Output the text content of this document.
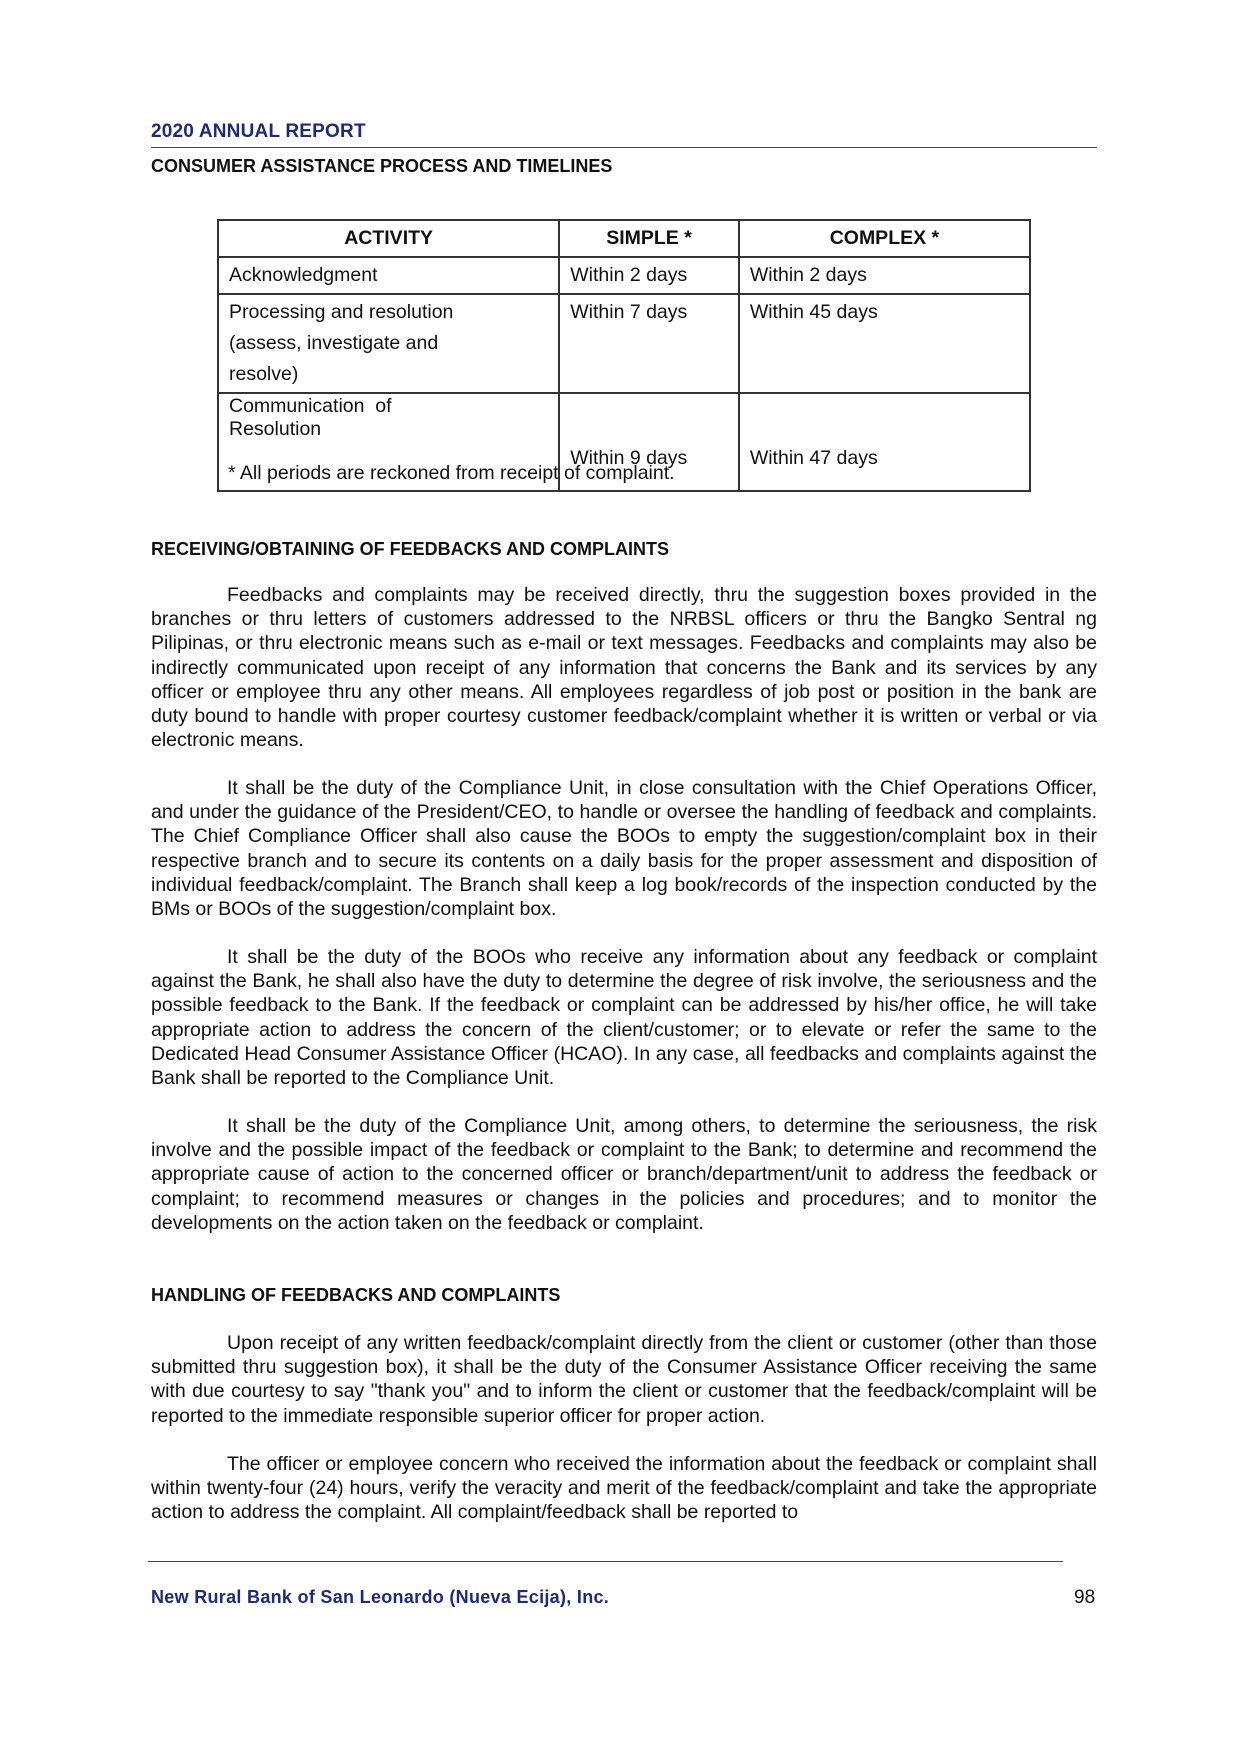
2020 ANNUAL REPORT
CONSUMER ASSISTANCE PROCESS AND TIMELINES
ACTIVITY	SIMPLE *	COMPLEX *
Acknowledgment	Within 2 days	Within 2 days

Processing and resolution
(assess, investigate and
resolve)	Within 7 days	Within 45 days

Communication  of
Resolution	Within 9 days	Within 47 days
* All periods are reckoned from receipt of complaint.
RECEIVING/OBTAINING OF FEEDBACKS AND COMPLAINTS

Feedbacks and complaints may be received directly, thru the suggestion boxes provided in the branches or thru letters of customers addressed to the NRBSL officers or thru the Bangko Sentral ng Pilipinas, or thru electronic means such as e-mail or text messages. Feedbacks and complaints may also be indirectly communicated upon receipt of any information that concerns the Bank and its services by any officer or employee thru any other means. All employees regardless of job post or position in the bank are duty bound to handle with proper courtesy customer feedback/complaint whether it is written or verbal or via electronic means.

It shall be the duty of the Compliance Unit, in close consultation with the Chief Operations Officer, and under the guidance of the President/CEO, to handle or oversee the handling of feedback and complaints. The Chief Compliance Officer shall also cause the BOOs to empty the suggestion/complaint box in their respective branch and to secure its contents on a daily basis for the proper assessment and disposition of individual feedback/complaint. The Branch shall keep a log book/records of the inspection conducted by the BMs or BOOs of the suggestion/complaint box.

It shall be the duty of the BOOs who receive any information about any feedback or complaint against the Bank, he shall also have the duty to determine the degree of risk involve, the seriousness and the possible feedback to the Bank. If the feedback or complaint can be addressed by his/her office, he will take appropriate action to address the concern of the client/customer; or to elevate or refer the same to the Dedicated Head Consumer Assistance Officer (HCAO). In any case, all feedbacks and complaints against the Bank shall be reported to the Compliance Unit.

It shall be the duty of the Compliance Unit, among others, to determine the seriousness, the risk involve and the possible impact of the feedback or complaint to the Bank; to determine and recommend the appropriate cause of action to the concerned officer or branch/department/unit to address the feedback or complaint; to recommend measures or changes in the policies and procedures; and to monitor the developments on the action taken on the feedback or complaint.

HANDLING OF FEEDBACKS AND COMPLAINTS

Upon receipt of any written feedback/complaint directly from the client or customer (other than those submitted thru suggestion box), it shall be the duty of the Consumer Assistance Officer receiving the same with due courtesy to say "thank you" and to inform the client or customer that the feedback/complaint will be reported to the immediate responsible superior officer for proper action.

The officer or employee concern who received the information about the feedback or complaint shall within twenty-four (24) hours, verify the veracity and merit of the feedback/complaint and take the appropriate action to address the complaint. All complaint/feedback shall be reported to

New Rural Bank of San Leonardo (Nueva Ecija), Inc.	98
